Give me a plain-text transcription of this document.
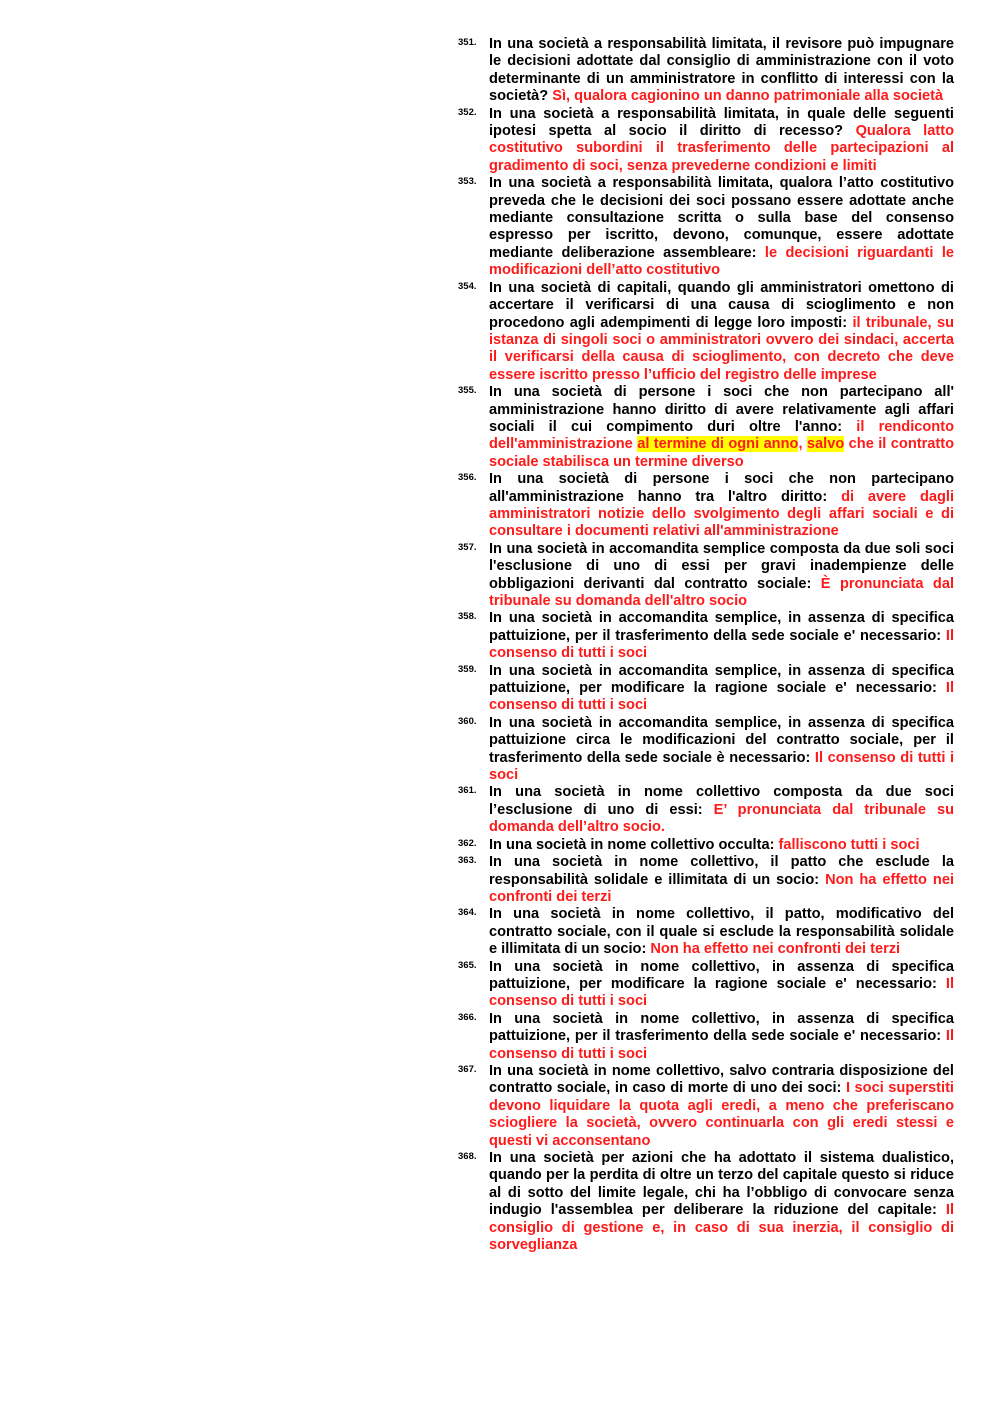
351. In una società a responsabilità limitata, il revisore può impugnare le decisioni adottate dal consiglio di amministrazione con il voto determinante di un amministratore in conflitto di interessi con la società? Sì, qualora cagionino un danno patrimoniale alla società

352. In una società a responsabilità limitata, in quale delle seguenti ipotesi spetta al socio il diritto di recesso? Qualora latto costitutivo subordini il trasferimento delle partecipazioni al gradimento di soci, senza prevederne condizioni e limiti

353. In una società a responsabilità limitata, qualora l’atto costitutivo preveda che le decisioni dei soci possano essere adottate anche mediante consultazione scritta o sulla base del consenso espresso per iscritto, devono, comunque, essere adottate mediante deliberazione assembleare: le decisioni riguardanti le modificazioni dell’atto costitutivo

354. In una società di capitali, quando gli amministratori omettono di accertare il verificarsi di una causa di scioglimento e non procedono agli adempimenti di legge loro imposti: il tribunale, su istanza di singoli soci o amministratori ovvero dei sindaci, accerta il verificarsi della causa di scioglimento, con decreto che deve essere iscritto presso l’ufficio del registro delle imprese

355. In una società di persone i soci che non partecipano all' amministrazione hanno diritto di avere relativamente agli affari sociali il cui compimento duri oltre l'anno: il rendiconto dell'amministrazione al termine di ogni anno, salvo che il contratto sociale stabilisca un termine diverso

356. In una società di persone i soci che non partecipano all'amministrazione hanno tra l'altro diritto: di avere dagli amministratori notizie dello svolgimento degli affari sociali e di consultare i documenti relativi all'amministrazione

357. In una società in accomandita semplice composta da due soli soci l'esclusione di uno di essi per gravi inadempienze delle obbligazioni derivanti dal contratto sociale: È pronunciata dal tribunale su domanda dell'altro socio

358. In una società in accomandita semplice, in assenza di specifica pattuizione, per il trasferimento della sede sociale e' necessario: Il consenso di tutti i soci

359. In una società in accomandita semplice, in assenza di specifica pattuizione, per modificare la ragione sociale e' necessario: Il consenso di tutti i soci

360. In una società in accomandita semplice, in assenza di specifica pattuizione circa le modificazioni del contratto sociale, per il trasferimento della sede sociale è necessario: Il consenso di tutti i soci

361. In una società in nome collettivo composta da due soci l’esclusione di uno di essi: E’ pronunciata dal tribunale su domanda dell’altro socio.

362. In una società in nome collettivo occulta: falliscono tutti i soci

363. In una società in nome collettivo, il patto che esclude la responsabilità solidale e illimitata di un socio: Non ha effetto nei confronti dei terzi

364. In una società in nome collettivo, il patto, modificativo del contratto sociale, con il quale si esclude la responsabilità solidale e illimitata di un socio: Non ha effetto nei confronti dei terzi

365. In una società in nome collettivo, in assenza di specifica pattuizione, per modificare la ragione sociale e' necessario: Il consenso di tutti i soci

366. In una società in nome collettivo, in assenza di specifica pattuizione, per il trasferimento della sede sociale e' necessario: Il consenso di tutti i soci

367. In una società in nome collettivo, salvo contraria disposizione del contratto sociale, in caso di morte di uno dei soci: I soci superstiti devono liquidare la quota agli eredi, a meno che preferiscano sciogliere la società, ovvero continuarla con gli eredi stessi e questi vi acconsentano

368. In una società per azioni che ha adottato il sistema dualistico, quando per la perdita di oltre un terzo del capitale questo si riduce al di sotto del limite legale, chi ha l’obbligo di convocare senza indugio l'assemblea per deliberare la riduzione del capitale: Il consiglio di gestione e, in caso di sua inerzia, il consiglio di sorveglianza
